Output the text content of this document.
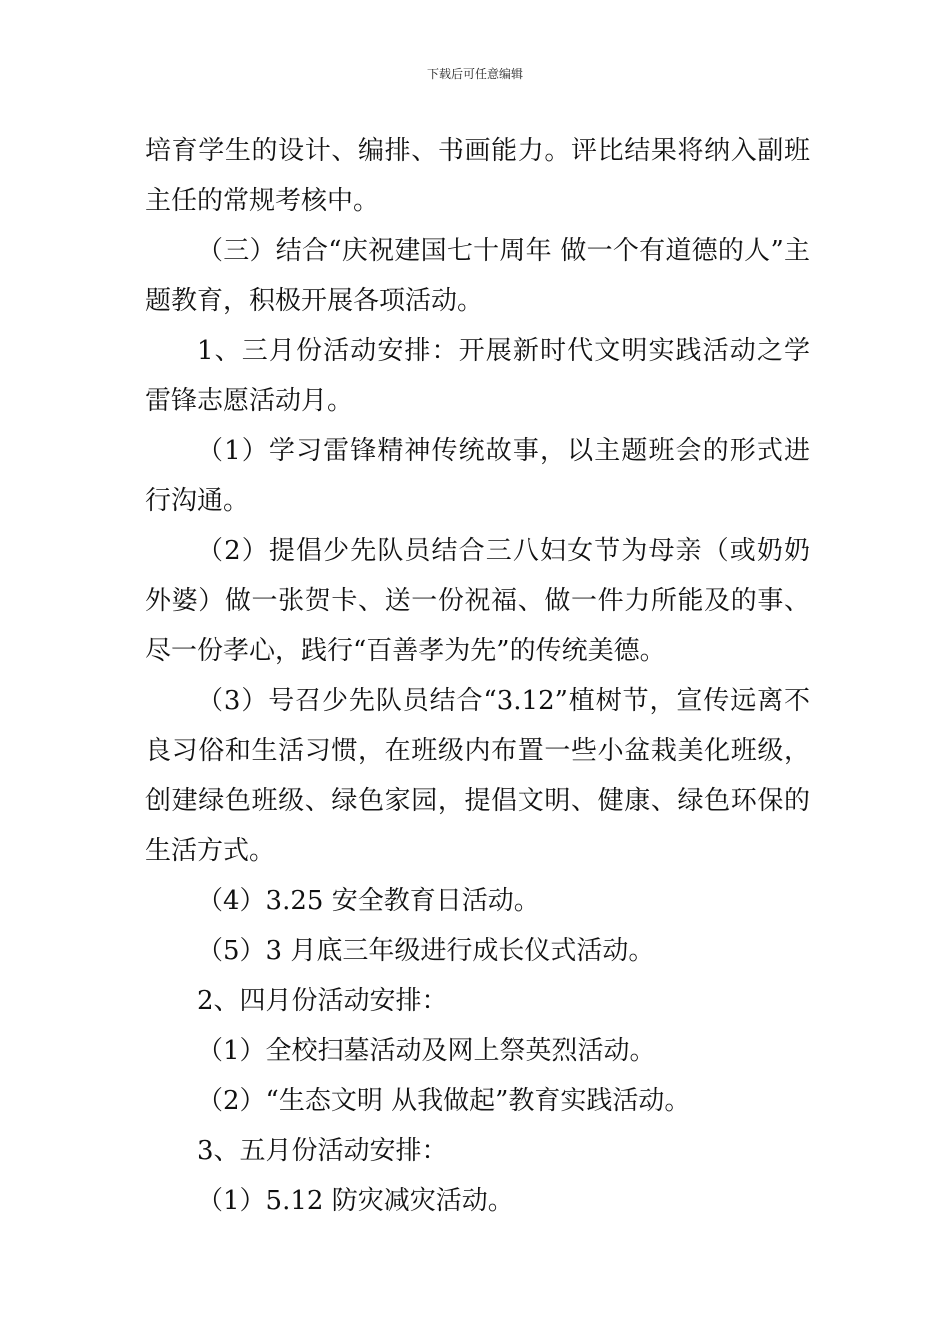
下载后可任意编辑

培育学生的设计、编排、书画能力。评比结果将纳入副班主任的常规考核中。

（三）结合“庆祝建国七十周年 做一个有道德的人”主题教育，积极开展各项活动。

1、三月份活动安排：开展新时代文明实践活动之学雷锋志愿活动月。

（1）学习雷锋精神传统故事，以主题班会的形式进行沟通。

（2）提倡少先队员结合三八妇女节为母亲（或奶奶外婆）做一张贺卡、送一份祝福、做一件力所能及的事、尽一份孝心，践行“百善孝为先”的传统美德。

（3）号召少先队员结合“3.12”植树节，宣传远离不良习俗和生活习惯，在班级内布置一些小盆栽美化班级，创建绿色班级、绿色家园，提倡文明、健康、绿色环保的生活方式。

（4）3.25 安全教育日活动。

（5）3 月底三年级进行成长仪式活动。

2、四月份活动安排：

（1）全校扫墓活动及网上祭英烈活动。

（2）“生态文明 从我做起”教育实践活动。

3、五月份活动安排：

（1）5.12 防灾减灾活动。
